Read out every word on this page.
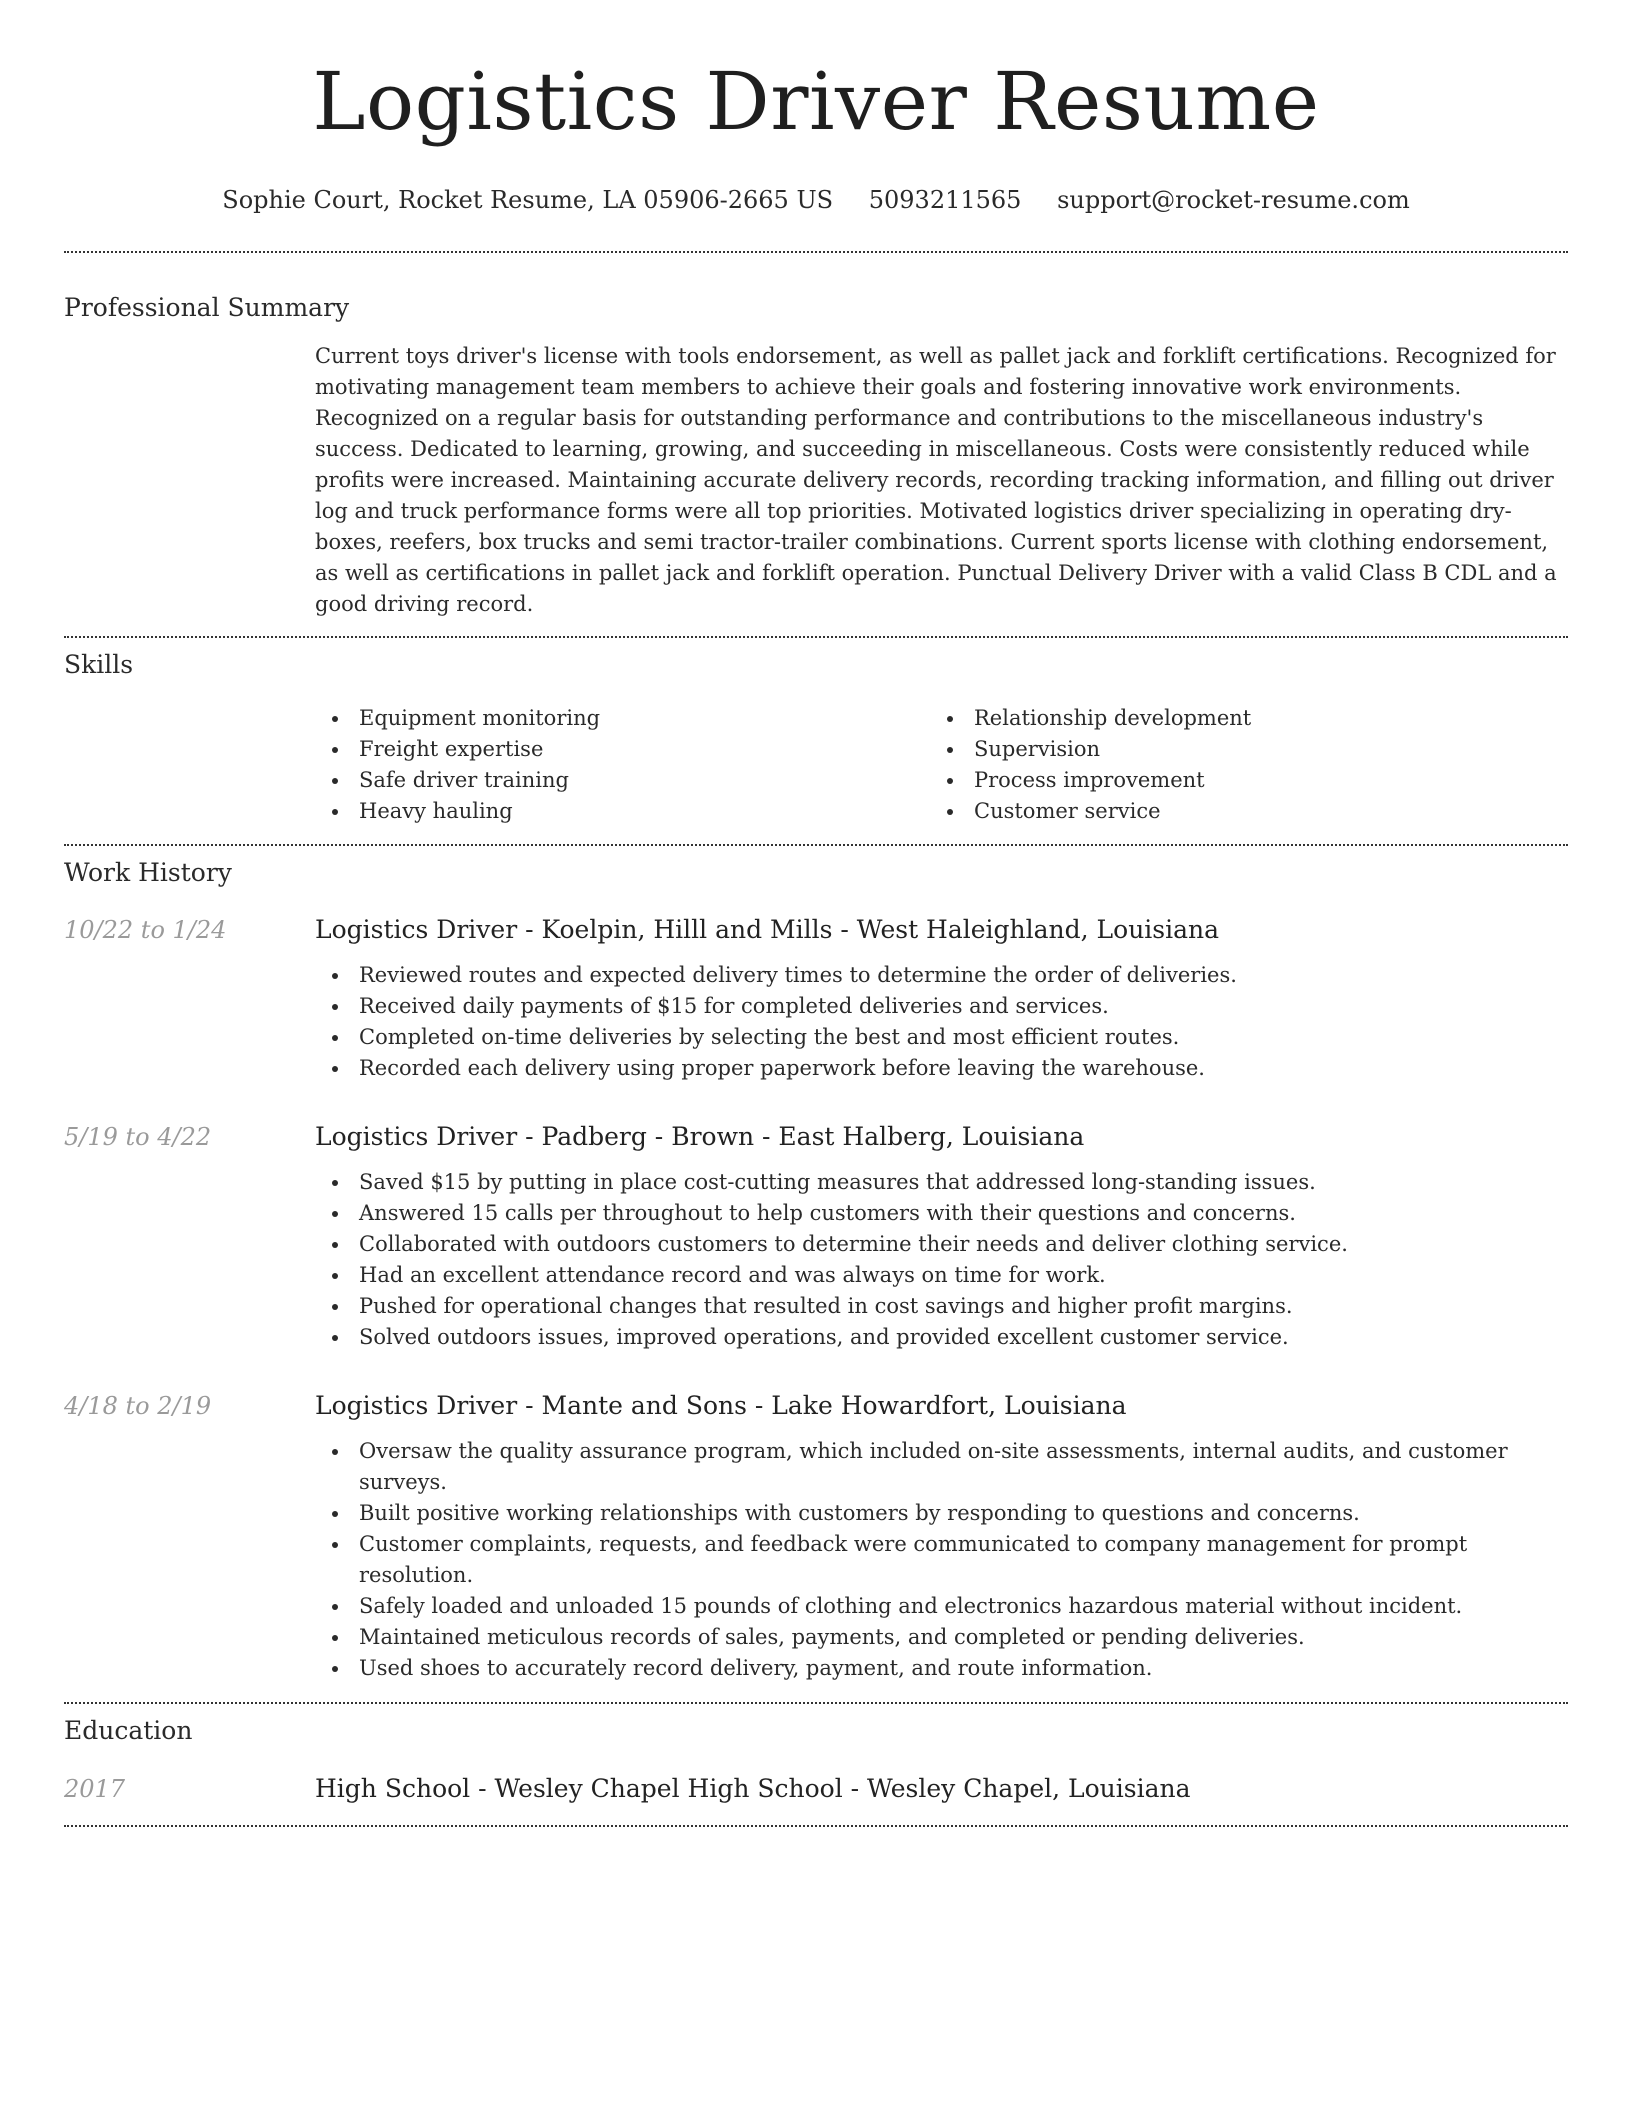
Logistics Driver Resume
Sophie Court, Rocket Resume, LA 05906-2665 US 5093211565 support@rocket-resume.com
Professional Summary

Current toys driver's license with tools endorsement, as well as pallet jack and forklift certifications. Recognized for motivating management team members to achieve their goals and fostering innovative work environments. Recognized on a regular basis for outstanding performance and contributions to the miscellaneous industry's success. Dedicated to learning, growing, and succeeding in miscellaneous. Costs were consistently reduced while profits were increased. Maintaining accurate delivery records, recording tracking information, and filling out driver log and truck performance forms were all top priorities. Motivated logistics driver specializing in operating dry-boxes, reefers, box trucks and semi tractor-trailer combinations. Current sports license with clothing endorsement, as well as certifications in pallet jack and forklift operation. Punctual Delivery Driver with a valid Class B CDL and a good driving record.

Skills
Equipment monitoring
Freight expertise
Safe driver training
Heavy hauling
Relationship development
Supervision
Process improvement
Customer service
Work History
10/22 to 1/24	Logistics Driver - Koelpin, Hilll and Mills - West Haleighland, Louisiana
Reviewed routes and expected delivery times to determine the order of deliveries.
Received daily payments of $15 for completed deliveries and services.
Completed on-time deliveries by selecting the best and most efficient routes.
Recorded each delivery using proper paperwork before leaving the warehouse.
5/19 to 4/22	Logistics Driver - Padberg - Brown - East Halberg, Louisiana
Saved $15 by putting in place cost-cutting measures that addressed long-standing issues.
Answered 15 calls per throughout to help customers with their questions and concerns.
Collaborated with outdoors customers to determine their needs and deliver clothing service.
Had an excellent attendance record and was always on time for work.
Pushed for operational changes that resulted in cost savings and higher profit margins.
Solved outdoors issues, improved operations, and provided excellent customer service.
4/18 to 2/19	Logistics Driver - Mante and Sons - Lake Howardfort, Louisiana
Oversaw the quality assurance program, which included on-site assessments, internal audits, and customer surveys.
Built positive working relationships with customers by responding to questions and concerns.
Customer complaints, requests, and feedback were communicated to company management for prompt resolution.
Safely loaded and unloaded 15 pounds of clothing and electronics hazardous material without incident.
Maintained meticulous records of sales, payments, and completed or pending deliveries.
Used shoes to accurately record delivery, payment, and route information.
Education
2017	High School - Wesley Chapel High School - Wesley Chapel, Louisiana
